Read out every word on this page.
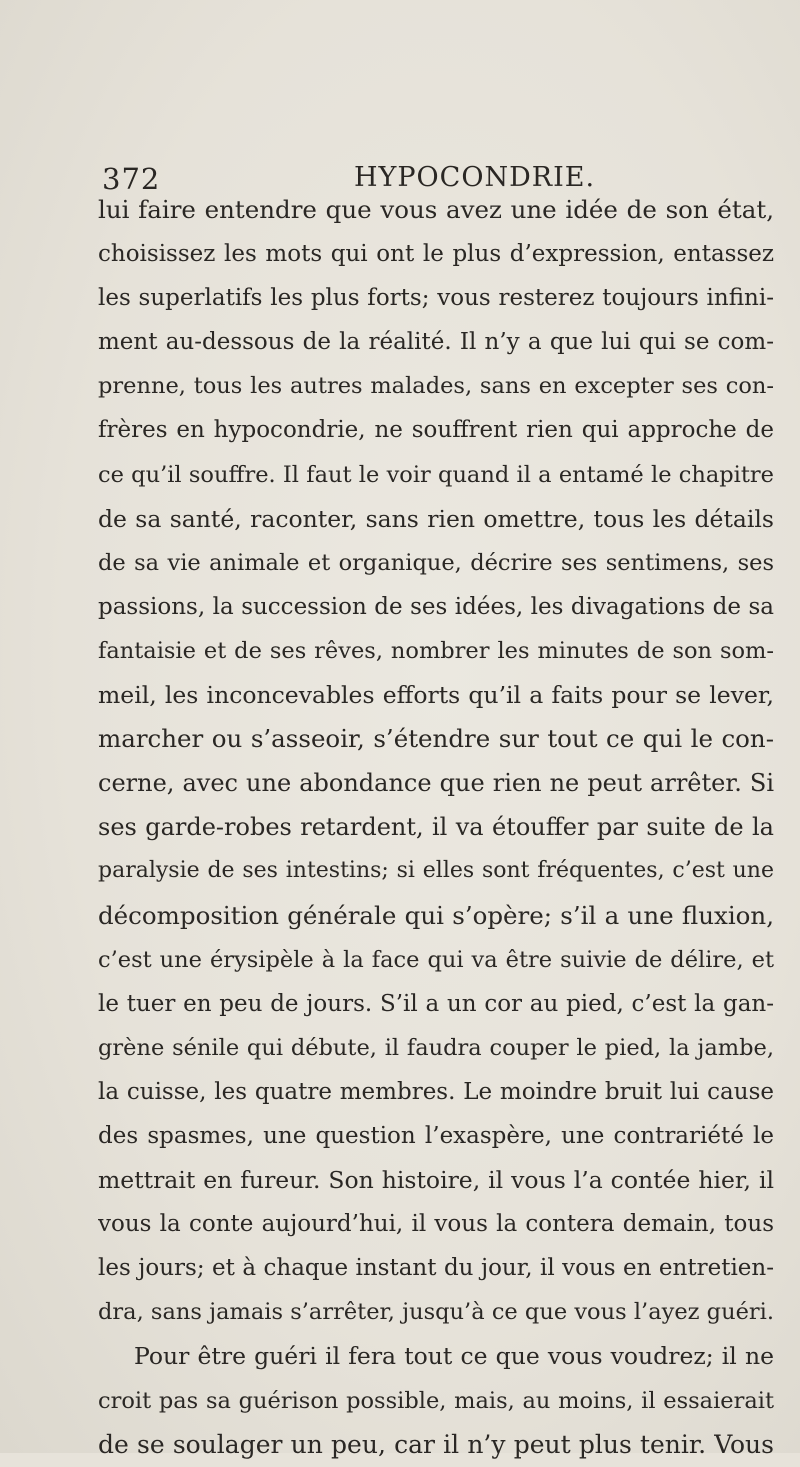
372	HYPOCONDRIE.
lui faire entendre que vous avez une idée de son état,
choisissez les mots qui ont le plus d’expression, entassez
les superlatifs les plus forts; vous resterez toujours infini-
ment au-dessous de la réalité. Il n’y a que lui qui se com-
prenne, tous les autres malades, sans en excepter ses con-
frères en hypocondrie, ne souffrent rien qui approche de
ce qu’il souffre. Il faut le voir quand il a entamé le chapitre
de sa santé, raconter, sans rien omettre, tous les détails
de sa vie animale et organique, décrire ses sentimens, ses
passions, la succession de ses idées, les divagations de sa
fantaisie et de ses rêves, nombrer les minutes de son som-
meil, les inconcevables efforts qu’il a faits pour se lever,
marcher ou s’asseoir, s’étendre sur tout ce qui le con-
cerne, avec une abondance que rien ne peut arrêter. Si
ses garde-robes retardent, il va étouffer par suite de la
paralysie de ses intestins; si elles sont fréquentes, c’est une
décomposition générale qui s’opère; s’il a une fluxion,
c’est une érysipèle à la face qui va être suivie de délire, et
le tuer en peu de jours. S’il a un cor au pied, c’est la gan-
grène sénile qui débute, il faudra couper le pied, la jambe,
la cuisse, les quatre membres. Le moindre bruit lui cause
des spasmes, une question l’exaspère, une contrariété le
mettrait en fureur. Son histoire, il vous l’a contée hier, il
vous la conte aujourd’hui, il vous la contera demain, tous
les jours; et à chaque instant du jour, il vous en entretien-
dra, sans jamais s’arrêter, jusqu’à ce que vous l’ayez guéri.
Pour être guéri il fera tout ce que vous voudrez; il ne
croit pas sa guérison possible, mais, au moins, il essaierait
de se soulager un peu, car il n’y peut plus tenir. Vous
